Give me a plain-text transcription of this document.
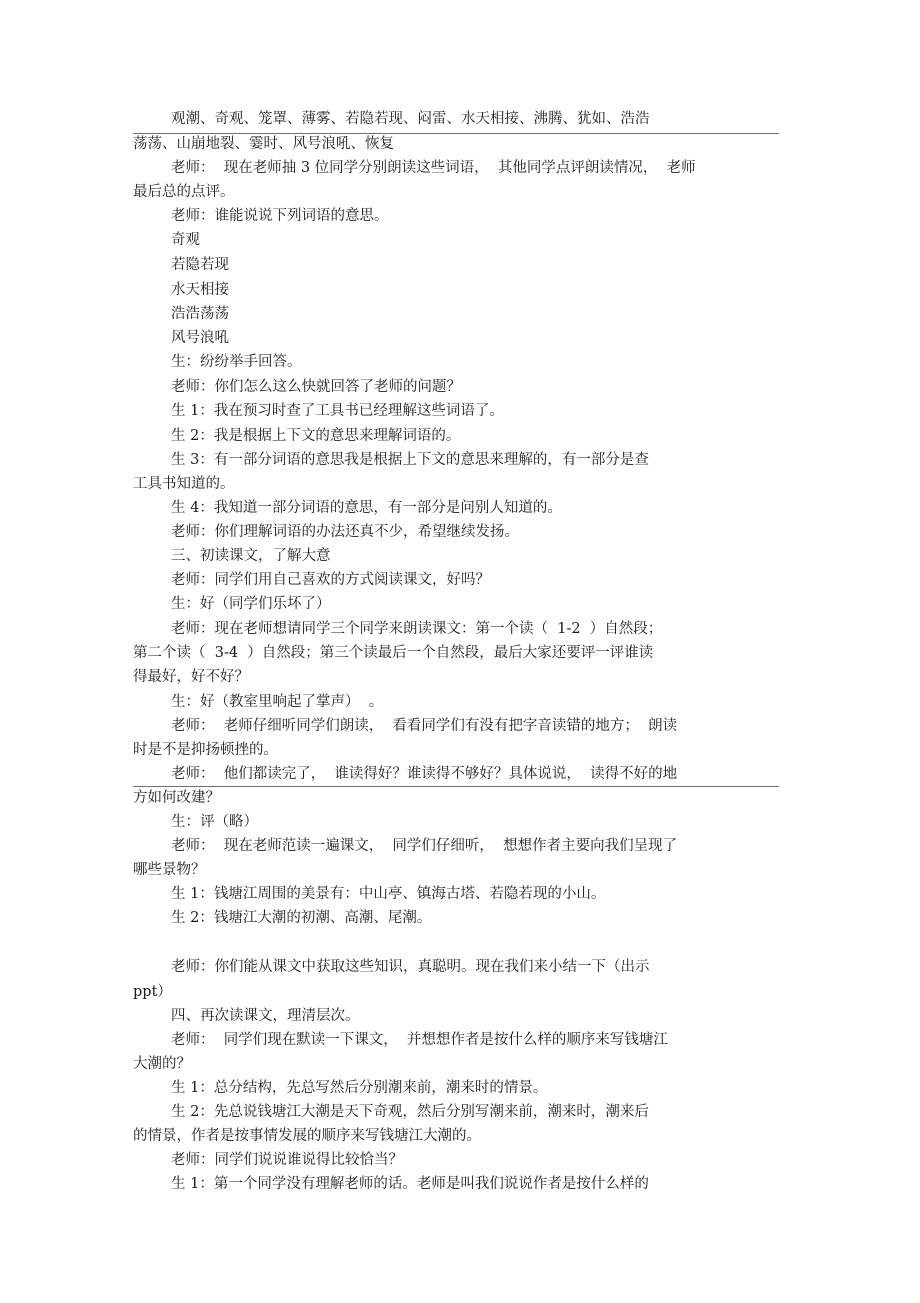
观潮、奇观、笼罩、薄雾、若隐若现、闷雷、水天相接、沸腾、犹如、浩浩
荡荡、山崩地裂、霎时、风号浪吼、恢复
老师：  现在老师抽 3 位同学分别朗读这些词语，  其他同学点评朗读情况，  老师
最后总的点评。
老师：谁能说说下列词语的意思。
奇观
若隐若现
水天相接
浩浩荡荡
风号浪吼
生：纷纷举手回答。
老师：你们怎么这么快就回答了老师的问题？
生 1：我在预习时查了工具书已经理解这些词语了。
生 2：我是根据上下文的意思来理解词语的。
生 3：有一部分词语的意思我是根据上下文的意思来理解的，有一部分是查
工具书知道的。
生 4：我知道一部分词语的意思，有一部分是问别人知道的。
老师：你们理解词语的办法还真不少，希望继续发扬。
三、初读课文，了解大意
老师：同学们用自己喜欢的方式阅读课文，好吗？
生：好（同学们乐坏了）
老师：现在老师想请同学三个同学来朗读课文：第一个读（  1-2  ）自然段；
第二个读（  3-4  ）自然段；第三个读最后一个自然段，最后大家还要评一评谁读
得最好，好不好？
生：好（教室里响起了掌声）  。
老师：  老师仔细听同学们朗读，  看看同学们有没有把字音读错的地方；  朗读
时是不是抑扬顿挫的。
老师：  他们都读完了，  谁读得好？谁读得不够好？具体说说，  读得不好的地
方如何改建？
生：评（略）
老师：  现在老师范读一遍课文，  同学们仔细听，  想想作者主要向我们呈现了
哪些景物？
生 1：钱塘江周围的美景有：中山亭、镇海古塔、若隐若现的小山。
生 2：钱塘江大潮的初潮、高潮、尾潮。
老师：你们能从课文中获取这些知识，真聪明。现在我们来小结一下（出示
ppt）
四、再次读课文，理清层次。
老师：  同学们现在默读一下课文，  并想想作者是按什么样的顺序来写钱塘江
大潮的？
生 1：总分结构，先总写然后分别潮来前，潮来时的情景。
生 2：先总说钱塘江大潮是天下奇观，然后分别写潮来前，潮来时，潮来后
的情景，作者是按事情发展的顺序来写钱塘江大潮的。
老师：同学们说说谁说得比较恰当？
生 1：第一个同学没有理解老师的话。老师是叫我们说说作者是按什么样的
